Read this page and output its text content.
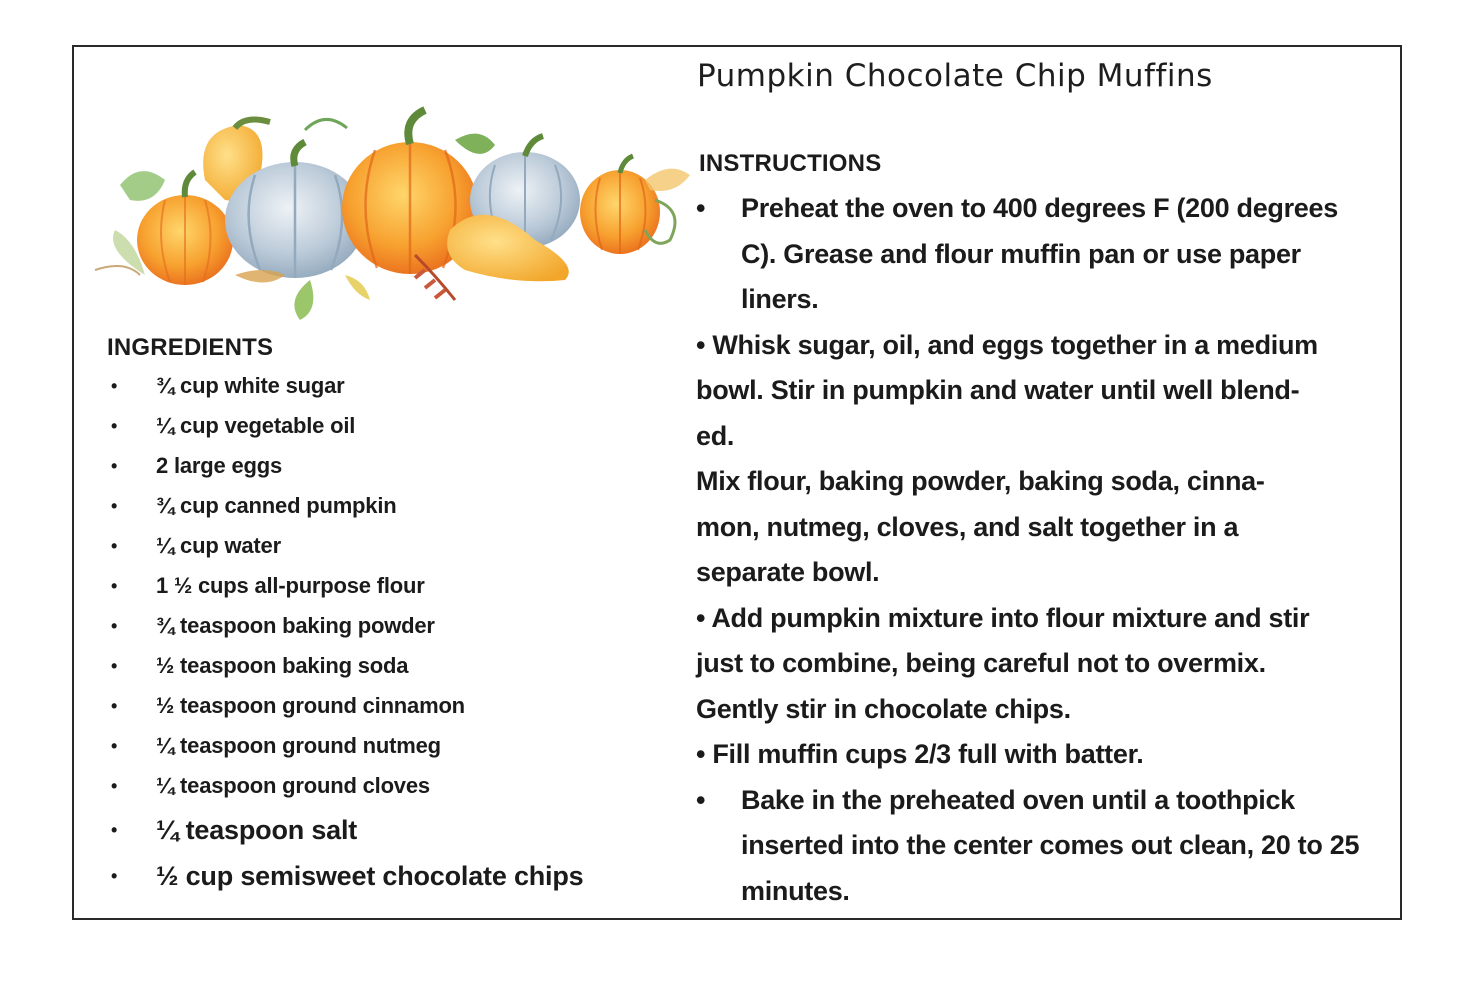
Pumpkin Chocolate Chip Muffins
INGREDIENTS
• ¾ cup white sugar
• ¼ cup vegetable oil
• 2 large eggs
• ¾ cup canned pumpkin
• ¼ cup water
• 1 ½ cups all-purpose flour
• ¾ teaspoon baking powder
• ½ teaspoon baking soda
• ½ teaspoon ground cinnamon
• ¼ teaspoon ground nutmeg
• ¼ teaspoon ground cloves
• ¼ teaspoon salt
• ½ cup semisweet chocolate chips
INSTRUCTIONS

• Preheat the oven to 400 degrees F (200 degrees
C). Grease and flour muffin pan or use paper
liners.

• Whisk sugar, oil, and eggs together in a medium
bowl. Stir in pumpkin and water until well blend-
ed.

Mix flour, baking powder, baking soda, cinna-
mon, nutmeg, cloves, and salt together in a
separate bowl.

• Add pumpkin mixture into flour mixture and stir
just to combine, being careful not to overmix.
Gently stir in chocolate chips.

• Fill muffin cups 2/3 full with batter.

• Bake in the preheated oven until a toothpick
inserted into the center comes out clean, 20 to 25
minutes.
